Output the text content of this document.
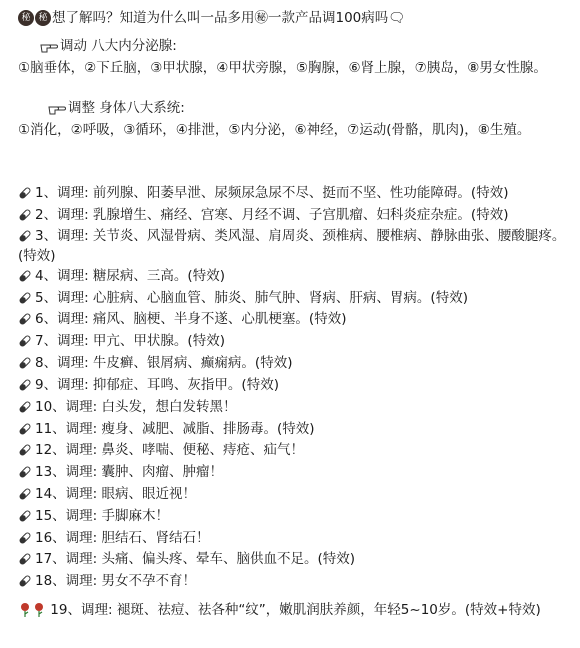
秘 秘 想了解吗？知道为什么叫一品多用㊙一款产品调100病吗🗨
调动 八大内分泌腺:
①脑垂体，②下丘脑，③甲状腺，④甲状旁腺，⑤胸腺，⑥肾上腺，⑦胰岛，⑧男女性腺。
调整 身体八大系统:
①消化，②呼吸，③循环，④排泄，⑤内分泌，⑥神经，⑦运动(骨骼，肌肉)，⑧生殖。
1、调理: 前列腺、阳萎早泄、尿频尿急尿不尽、挺而不坚、性功能障碍。(特效)
2、调理: 乳腺增生、痛经、宫寒、月经不调、子宫肌瘤、妇科炎症杂症。(特效)
3、调理: 关节炎、风湿骨病、类风湿、肩周炎、颈椎病、腰椎病、静脉曲张、腰酸腿疼。(特效)
4、调理: 糖尿病、三高。(特效)
5、调理: 心脏病、心脑血管、肺炎、肺气肿、肾病、肝病、胃病。(特效)
6、调理: 痛风、脑梗、半身不遂、心肌梗塞。(特效)
7、调理: 甲亢、甲状腺。(特效)
8、调理: 牛皮癣、银屑病、癫痫病。(特效)
9、调理: 抑郁症、耳鸣、灰指甲。(特效)
10、调理: 白头发，想白发转黑！
11、调理: 瘦身、减肥、减脂、排肠毒。(特效)
12、调理: 鼻炎、哮喘、便秘、痔疮、疝气！
13、调理: 囊肿、肉瘤、肿瘤！
14、调理: 眼病、眼近视！
15、调理: 手脚麻木！
16、调理: 胆结石、肾结石！
17、调理: 头痛、偏头疼、晕车、脑供血不足。(特效)
18、调理: 男女不孕不育！
19、调理: 褪斑、祛痘、祛各种“纹”，嫩肌润肤养颜，年轻5~10岁。(特效+特效)
